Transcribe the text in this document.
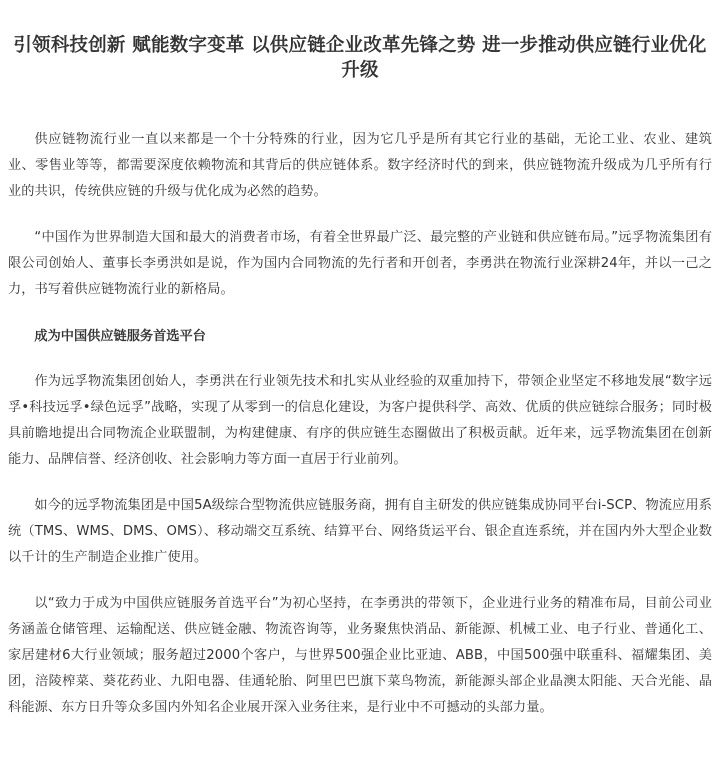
引领科技创新 赋能数字变革 以供应链企业改革先锋之势 进一步推动供应链行业优化升级

供应链物流行业一直以来都是一个十分特殊的行业，因为它几乎是所有其它行业的基础，无论工业、农业、建筑业、零售业等等，都需要深度依赖物流和其背后的供应链体系。数字经济时代的到来，供应链物流升级成为几乎所有行业的共识，传统供应链的升级与优化成为必然的趋势。

“中国作为世界制造大国和最大的消费者市场，有着全世界最广泛、最完整的产业链和供应链布局。”远孚物流集团有限公司创始人、董事长李勇洪如是说，作为国内合同物流的先行者和开创者，李勇洪在物流行业深耕24年，并以一己之力，书写着供应链物流行业的新格局。

成为中国供应链服务首选平台

作为远孚物流集团创始人，李勇洪在行业领先技术和扎实从业经验的双重加持下，带领企业坚定不移地发展“数字远孚•科技远孚•绿色远孚”战略，实现了从零到一的信息化建设，为客户提供科学、高效、优质的供应链综合服务；同时极具前瞻地提出合同物流企业联盟制，为构建健康、有序的供应链生态圈做出了积极贡献。近年来，远孚物流集团在创新能力、品牌信誉、经济创收、社会影响力等方面一直居于行业前列。

如今的远孚物流集团是中国5A级综合型物流供应链服务商，拥有自主研发的供应链集成协同平台i-SCP、物流应用系统（TMS、WMS、DMS、OMS）、移动端交互系统、结算平台、网络货运平台、银企直连系统，并在国内外大型企业数以千计的生产制造企业推广使用。

以“致力于成为中国供应链服务首选平台”为初心坚持，在李勇洪的带领下，企业进行业务的精准布局，目前公司业务涵盖仓储管理、运输配送、供应链金融、物流咨询等，业务聚焦快消品、新能源、机械工业、电子行业、普通化工、家居建材6大行业领域；服务超过2000个客户，与世界500强企业比亚迪、ABB，中国500强中联重科、福耀集团、美团，涪陵榨菜、葵花药业、九阳电器、佳通轮胎、阿里巴巴旗下菜鸟物流，新能源头部企业晶澳太阳能、天合光能、晶科能源、东方日升等众多国内外知名企业展开深入业务往来，是行业中不可撼动的头部力量。
